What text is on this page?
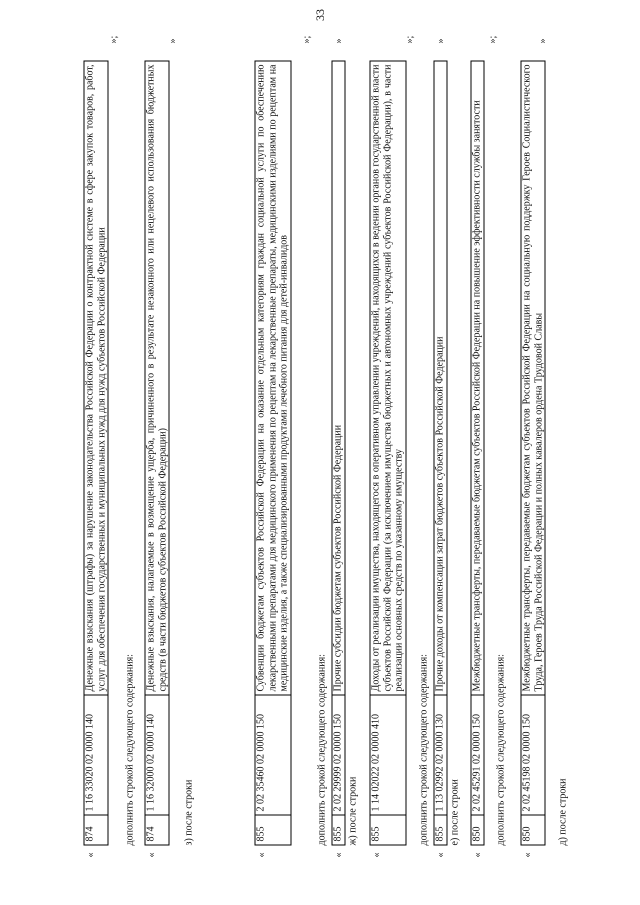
33
д) после строки
«
850	2 02 45198 02 0000 150	Межбюджетные трансферты, передаваемые бюджетам субъектов Российской Федерации на социальную поддержку Героев Социалистического Труда, Героев Труда Российской Федерации и полных кавалеров ордена Трудовой Славы
»
дополнить строкой следующего содержания:
«
850	2 02 45291 02 0000 150	Межбюджетные трансферты, передаваемые бюджетам субъектов Российской Федерации на повышение эффективности службы занятости
»;
е) после строки
«
855	1 13 02992 02 0000 130	Прочие доходы от компенсации затрат бюджетов субъектов Российской Федерации
»
дополнить строкой следующего содержания:
«
855	1 14 02022 02 0000 410	Доходы от реализации имущества, находящегося в оперативном управлении учреждений, находящихся в ведении органов государственной власти субъектов Российской Федерации (за исключением имущества бюджетных и автономных учреждений субъектов Российской Федерации), в части реализации основных средств по указанному имуществу
»;
ж) после строки
«
855	2 02 29999 02 0000 150	Прочие субсидии бюджетам субъектов Российской Федерации
»
дополнить строкой следующего содержания:
«
855	2 02 35460 02 0000 150	Субвенции бюджетам субъектов Российской Федерации на оказание отдельным категориям граждан социальной услуги по обеспечению лекарственными препаратами для медицинского применения по рецептам на лекарственные препараты, медицинскими изделиями по рецептам на медицинские изделия, а также специализированными продуктами лечебного питания для детей-инвалидов
»;
з) после строки
«
874	1 16 32000 02 0000 140	Денежные взыскания, налагаемые в возмещение ущерба, причиненного в результате незаконного или нецелевого использования бюджетных средств (в части бюджетов субъектов Российской Федерации)
»
дополнить строкой следующего содержания:
«
874	1 16 33020 02 0000 140	Денежные взыскания (штрафы) за нарушение законодательства Российской Федерации о контрактной системе в сфере закупок товаров, работ, услуг для обеспечения государственных и муниципальных нужд для нужд субъектов Российской Федерации
»;
